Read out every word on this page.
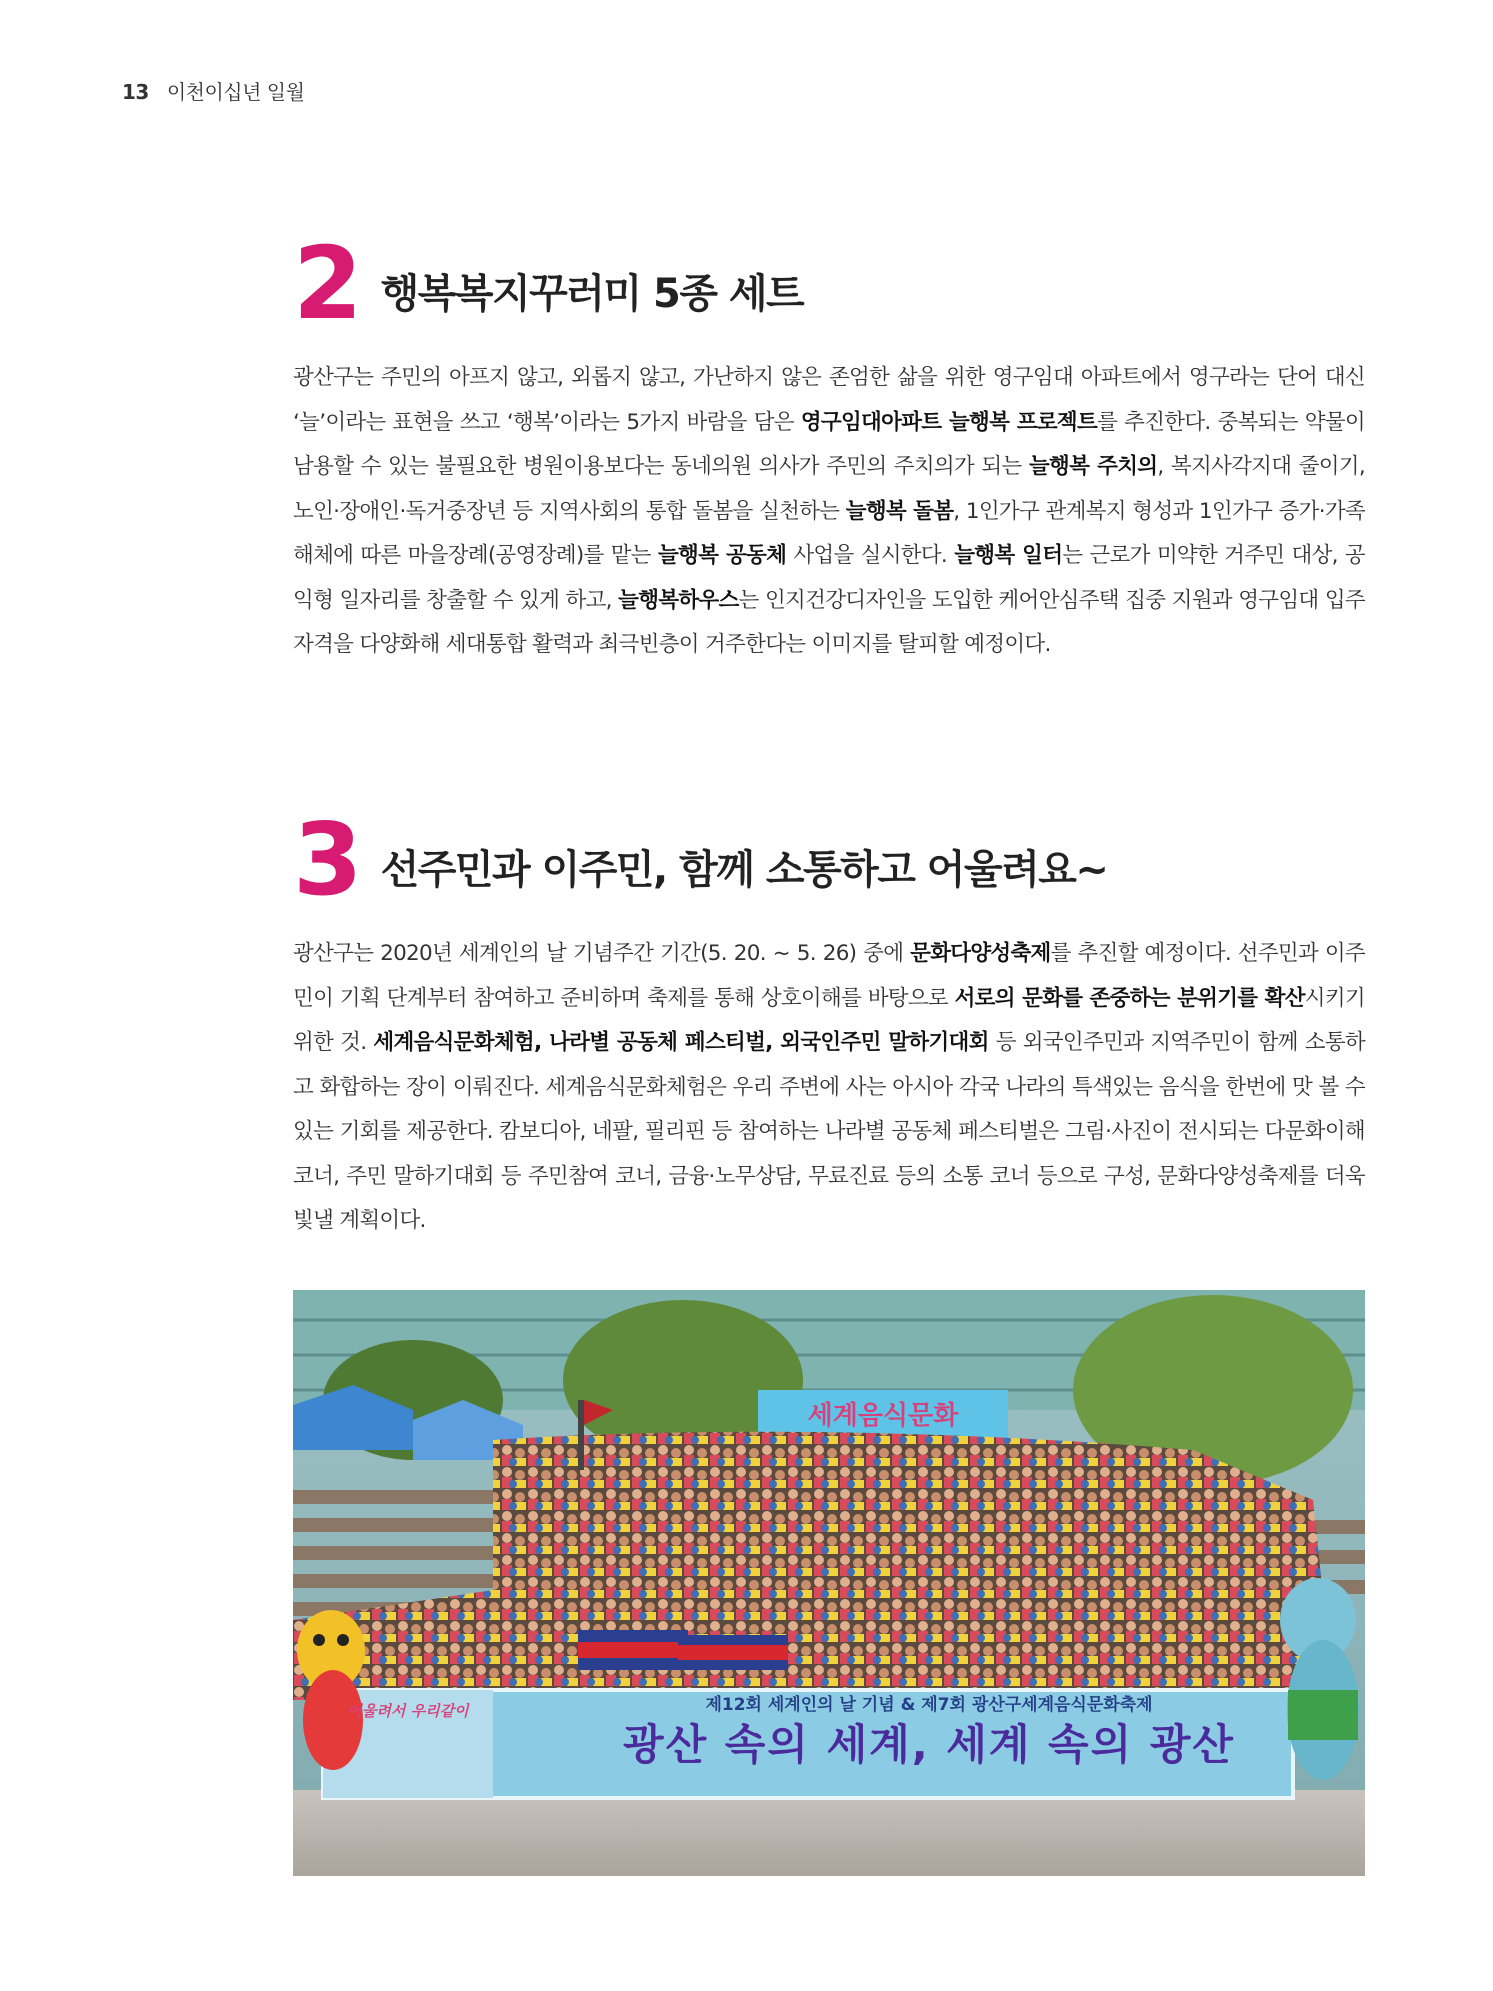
13 이천이십년 일월
2 행복복지꾸러미 5종 세트
광산구는 주민의 아프지 않고, 외롭지 않고, 가난하지 않은 존엄한 삶을 위한 영구임대 아파트에서 영구라는 단어 대신 ‘늘’이라는 표현을 쓰고 ‘행복’이라는 5가지 바람을 담은 영구임대아파트 늘행복 프로젝트를 추진한다. 중복되는 약물이 남용할 수 있는 불필요한 병원이용보다는 동네의원 의사가 주민의 주치의가 되는 늘행복 주치의, 복지사각지대 줄이기, 노인·장애인·독거중장년 등 지역사회의 통합 돌봄을 실천하는 늘행복 돌봄, 1인가구 관계복지 형성과 1인가구 증가·가족해체에 따른 마을장례(공영장례)를 맡는 늘행복 공동체 사업을 실시한다. 늘행복 일터는 근로가 미약한 거주민 대상, 공익형 일자리를 창출할 수 있게 하고, 늘행복하우스는 인지건강디자인을 도입한 케어안심주택 집중 지원과 영구임대 입주자격을 다양화해 세대통합 활력과 최극빈층이 거주한다는 이미지를 탈피할 예정이다.
3 선주민과 이주민, 함께 소통하고 어울려요~
광산구는 2020년 세계인의 날 기념주간 기간(5. 20. ~ 5. 26) 중에 문화다양성축제를 추진할 예정이다. 선주민과 이주민이 기획 단계부터 참여하고 준비하며 축제를 통해 상호이해를 바탕으로 서로의 문화를 존중하는 분위기를 확산시키기 위한 것. 세계음식문화체험, 나라별 공동체 페스티벌, 외국인주민 말하기대회 등 외국인주민과 지역주민이 함께 소통하고 화합하는 장이 이뤄진다. 세계음식문화체험은 우리 주변에 사는 아시아 각국 나라의 특색있는 음식을 한번에 맛 볼 수 있는 기회를 제공한다. 캄보디아, 네팔, 필리핀 등 참여하는 나라별 공동체 페스티벌은 그림·사진이 전시되는 다문화이해 코너, 주민 말하기대회 등 주민참여 코너, 금융·노무상담, 무료진료 등의 소통 코너 등으로 구성, 문화다양성축제를 더욱 빛낼 계획이다.
세계음식문화
제12회 세계인의 날 기념 & 제7회 광산구세계음식문화축제
광산 속의 세계, 세계 속의 광산
어울려서 우리같이
